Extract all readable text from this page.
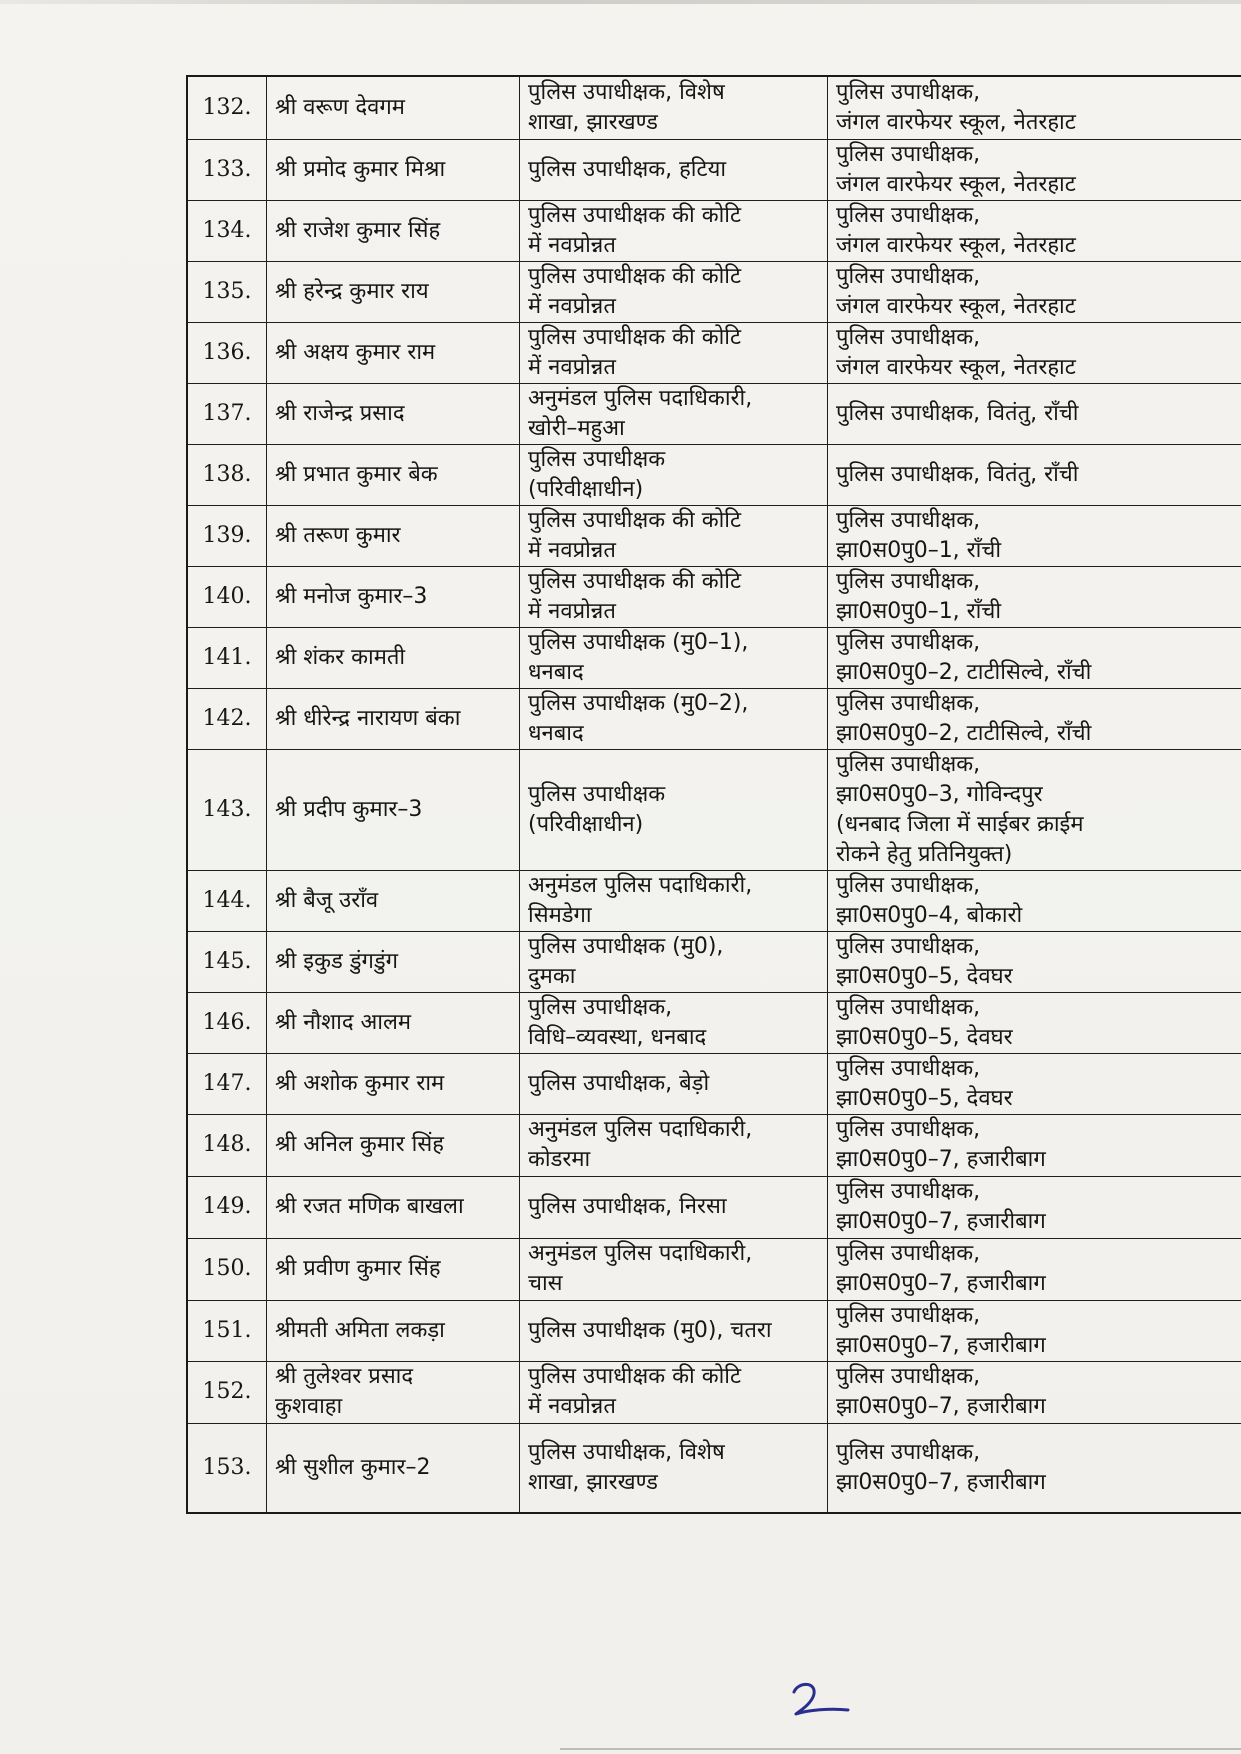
132.	श्री वरूण देवगम	पुलिस उपाधीक्षक, विशेष
शाखा, झारखण्ड	पुलिस उपाधीक्षक,
जंगल वारफेयर स्कूल, नेतरहाट
133.	श्री प्रमोद कुमार मिश्रा	पुलिस उपाधीक्षक, हटिया	पुलिस उपाधीक्षक,
जंगल वारफेयर स्कूल, नेतरहाट
134.	श्री राजेश कुमार सिंह	पुलिस उपाधीक्षक की कोटि
में नवप्रोन्नत	पुलिस उपाधीक्षक,
जंगल वारफेयर स्कूल, नेतरहाट
135.	श्री हरेन्द्र कुमार राय	पुलिस उपाधीक्षक की कोटि
में नवप्रोन्नत	पुलिस उपाधीक्षक,
जंगल वारफेयर स्कूल, नेतरहाट
136.	श्री अक्षय कुमार राम	पुलिस उपाधीक्षक की कोटि
में नवप्रोन्नत	पुलिस उपाधीक्षक,
जंगल वारफेयर स्कूल, नेतरहाट
137.	श्री राजेन्द्र प्रसाद	अनुमंडल पुलिस पदाधिकारी,
खोरी–महुआ	पुलिस उपाधीक्षक, वितंतु, राँची
138.	श्री प्रभात कुमार बेक	पुलिस उपाधीक्षक
(परिवीक्षाधीन)	पुलिस उपाधीक्षक, वितंतु, राँची
139.	श्री तरूण कुमार	पुलिस उपाधीक्षक की कोटि
में नवप्रोन्नत	पुलिस उपाधीक्षक,
झा0स0पु0–1, राँची
140.	श्री मनोज कुमार–3	पुलिस उपाधीक्षक की कोटि
में नवप्रोन्नत	पुलिस उपाधीक्षक,
झा0स0पु0–1, राँची
141.	श्री शंकर कामती	पुलिस उपाधीक्षक (मु0–1),
धनबाद	पुलिस उपाधीक्षक,
झा0स0पु0–2, टाटीसिल्वे, राँची
142.	श्री धीरेन्द्र नारायण बंका	पुलिस उपाधीक्षक (मु0–2),
धनबाद	पुलिस उपाधीक्षक,
झा0स0पु0–2, टाटीसिल्वे, राँची
143.	श्री प्रदीप कुमार–3	पुलिस उपाधीक्षक
(परिवीक्षाधीन)	पुलिस उपाधीक्षक,
झा0स0पु0–3, गोविन्दपुर
(धनबाद जिला में साईबर क्राईम
रोकने हेतु प्रतिनियुक्त)
144.	श्री बैजू उराँव	अनुमंडल पुलिस पदाधिकारी,
सिमडेगा	पुलिस उपाधीक्षक,
झा0स0पु0–4, बोकारो
145.	श्री इकुड डुंगडुंग	पुलिस उपाधीक्षक (मु0),
दुमका	पुलिस उपाधीक्षक,
झा0स0पु0–5, देवघर
146.	श्री नौशाद आलम	पुलिस उपाधीक्षक,
विधि–व्यवस्था, धनबाद	पुलिस उपाधीक्षक,
झा0स0पु0–5, देवघर
147.	श्री अशोक कुमार राम	पुलिस उपाधीक्षक, बेड़ो	पुलिस उपाधीक्षक,
झा0स0पु0–5, देवघर
148.	श्री अनिल कुमार सिंह	अनुमंडल पुलिस पदाधिकारी,
कोडरमा	पुलिस उपाधीक्षक,
झा0स0पु0–7, हजारीबाग
149.	श्री रजत मणिक बाखला	पुलिस उपाधीक्षक, निरसा	पुलिस उपाधीक्षक,
झा0स0पु0–7, हजारीबाग
150.	श्री प्रवीण कुमार सिंह	अनुमंडल पुलिस पदाधिकारी,
चास	पुलिस उपाधीक्षक,
झा0स0पु0–7, हजारीबाग
151.	श्रीमती अमिता लकड़ा	पुलिस उपाधीक्षक (मु0), चतरा	पुलिस उपाधीक्षक,
झा0स0पु0–7, हजारीबाग
152.	श्री तुलेश्वर प्रसाद
कुशवाहा	पुलिस उपाधीक्षक की कोटि
में नवप्रोन्नत	पुलिस उपाधीक्षक,
झा0स0पु0–7, हजारीबाग
153.	श्री सुशील कुमार–2	पुलिस उपाधीक्षक, विशेष
शाखा, झारखण्ड	पुलिस उपाधीक्षक,
झा0स0पु0–7, हजारीबाग
